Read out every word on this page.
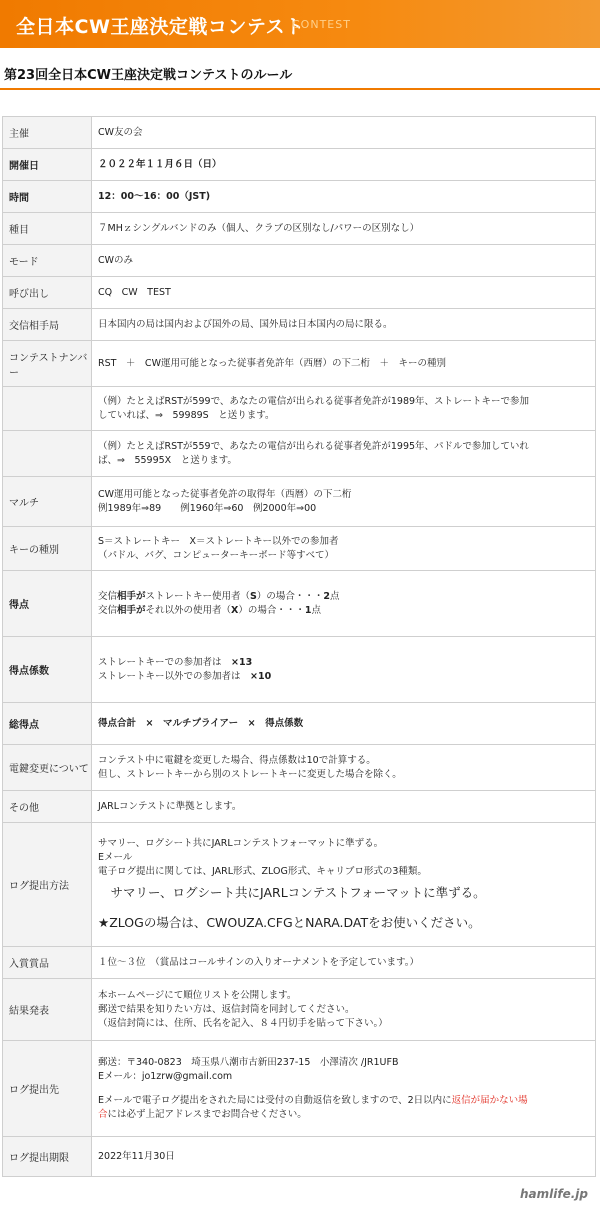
全日本CW王座決定戦コンテスト
CONTEST
第23回全日本CW王座決定戦コンテストのルール
主催	CW友の会
開催日	２０２２年１１月６日（日）
時間	12：00〜16：00（JST)
種目	７MHｚシングルバンドのみ（個人、クラブの区別なし/パワーの区別なし）
モード	CWのみ
呼び出し	CQ　CW　TEST
交信相手局	日本国内の局は国内および国外の局、国外局は日本国内の局に限る。
コンテストナンバー	RST　＋　CW運用可能となった従事者免許年（西暦）の下二桁　＋　キーの種別

	（例）たとえばRSTが599で、あなたの電信が出られる従事者免許が1989年、ストレートキーで参加
していれば、⇒　59989S　と送ります。

	（例）たとえばRSTが559で、あなたの電信が出られる従事者免許が1995年、パドルで参加していれ
ば、⇒　55995X　と送ります。

マルチ	CW運用可能となった従事者免許の取得年（西暦）の下二桁
例1989年⇒89　　例1960年⇒60　例2000年⇒00

キーの種別	S＝ストレートキー　X＝ストレートキー以外での参加者
（パドル、バグ、コンピューターキーボード等すべて）

得点	交信相手がストレートキー使用者（S）の場合・・・2点
交信相手がそれ以外の使用者（X）の場合・・・1点

得点係数	ストレートキーでの参加者は　×13
ストレートキー以外での参加者は　×10

総得点	得点合計　×　マルチプライアー　×　得点係数
電鍵変更について	コンテスト中に電鍵を変更した場合、得点係数は10で計算する。
但し、ストレートキーから別のストレートキーに変更した場合を除く。

その他	JARLコンテストに準拠とします。
ログ提出方法	サマリー、ログシート共にJARLコンテストフォーマットに準ずる。
Eメール
電子ログ提出に関しては、JARL形式、ZLOG形式、キャリブロ形式の3種類。
　サマリー、ログシート共にJARLコンテストフォーマットに準ずる。
★ZLOGの場合は、CWOUZA.CFGとNARA.DATをお使いください。

入賞賞品	１位〜３位　（賞品はコールサインの入りオーナメントを予定しています。）
結果発表	本ホームページにて順位リストを公開します。
郵送で結果を知りたい方は、返信封筒を同封してください。
（返信封筒には、住所、氏名を記入、８４円切手を貼って下さい。）

ログ提出先	郵送：〒340-0823　埼玉県八潮市古新田237-15　小澤清次 /JR1UFB
Eメール：jo1zrw@gmail.com
Eメールで電子ログ提出をされた局には受付の自動返信を致しますので、2日以内に返信が届かない場
合には必ず上記アドレスまでお問合せください。

ログ提出期限	2022年11月30日
hamlife.jp
